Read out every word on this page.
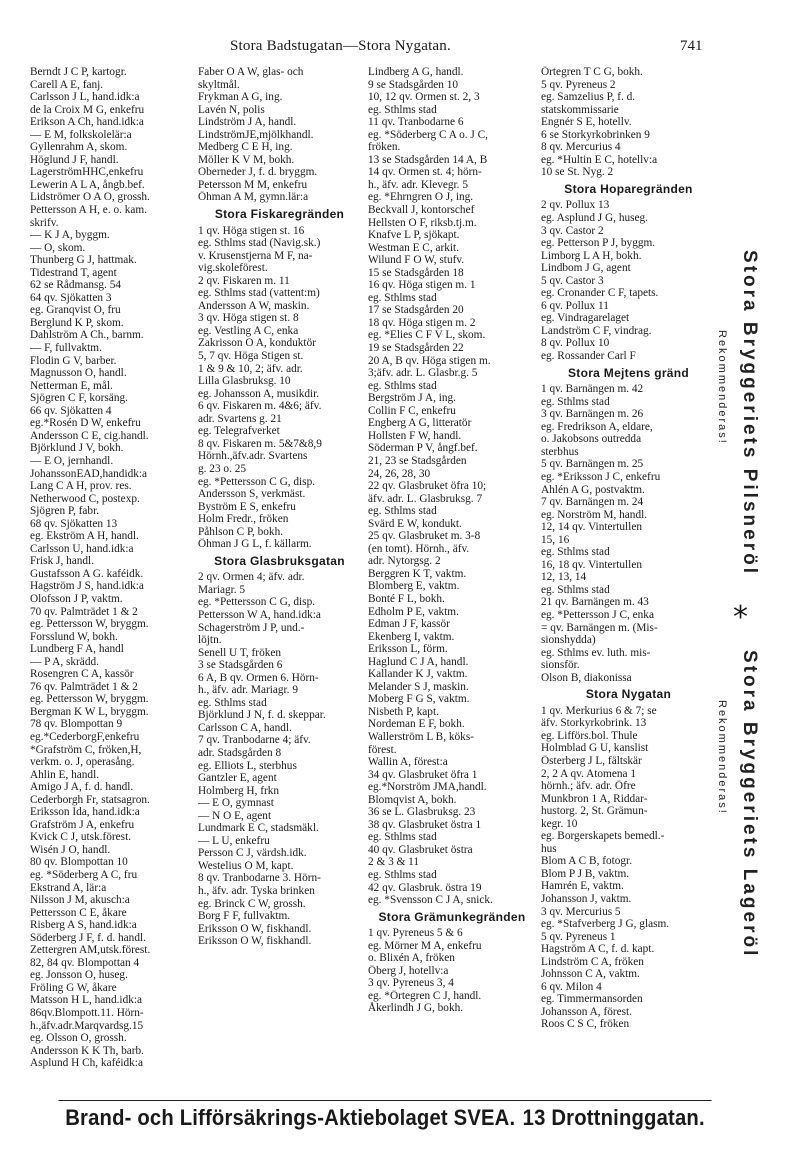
Stora Badstugatan—Stora Nygatan.	741
Berndt J C P, kartogr.
Carell A E, fanj.
Carlsson J L, hand.idk:a
de la Croix M G, enkefru
Erikson A Ch, hand.idk:a
— E M, folkskolelär:a
Gyllenrahm A, skom.
Höglund J F, handl.
LagerströmHHC,enkefru
Lewerin A L A, ångb.bef.
Lidströmer O A O, grossh.
Pettersson A H, e. o. kam.
skrifv.
— K J A, byggm.
— O, skom.
Thunberg G J, hattmak.
Tidestrand T, agent
62 se Rådmansg. 54
64 qv. Sjökatten 3
eg. Granqvist O, fru
Berglund K P, skom.
Dahlström A Ch., barnm.
— F, fullvaktm.
Flodin G V, barber.
Magnusson O, handl.
Netterman E, mål.
Sjögren C F, korsäng.
66 qv. Sjökatten 4
eg.*Rosén D W, enkefru
Andersson C E, cig.handl.
Björklund J V, bokh.
— E O, jernhandl.
JohanssonEAD,handidk:a
Lang C A H, prov. res.
Netherwood C, postexp.
Sjögren P, fabr.
68 qv. Sjökatten 13
eg. Ekström A H, handl.
Carlsson U, hand.idk:a
Frisk J, handl.
Gustafsson A G. kaféidk.
Hagström J S, hand.idk:a
Olofsson J P, vaktm.
70 qv. Palmträdet 1 & 2
eg. Pettersson W, bryggm.
Forsslund W, bokh.
Lundberg F A, handl
— P A, skrädd.
Rosengren C A, kassör
76 qv. Palmträdet 1 & 2
eg. Pettersson W, bryggm.
Bergman K W L, bryggm.
78 qv. Blompottan 9
eg.*CederborgF,enkefru
*Grafström C, fröken,H,
verkm. o. J, operasång.
Ahlin E, handl.
Amigo J A, f. d. handl.
Cederborgh Fr, statsagron.
Eriksson Ida, hand.idk:a
Grafström J A, enkefru
Kvick C J, utsk.förest.
Wisén J O, handl.
80 qv. Blompottan 10
eg. *Söderberg A C, fru
Ekstrand A, lär:a
Nilsson J M, akusch:a
Pettersson C E, åkare
Risberg A S, hand.idk:a
Söderberg J F, f. d. handl.
Zettergren AM,utsk.förest.
82, 84 qv. Blompottan 4
eg. Jonsson O, huseg.
Fröling G W, åkare
Matsson H L, hand.idk:a
86qv.Blompott.11. Hörn-
h.,äfv.adr.Marqvardsg.15
eg. Olsson O, grossh.
Andersson K K Th, barb.
Asplund H Ch, kaféidk:a
Faber O A W, glas- och
skyltmål.
Frykman A G, ing.
Lavén N, polis
Lindström J A, handl.
LindströmJE,mjölkhandl.
Medberg C E H, ing.
Möller K V M, bokh.
Oberneder J, f. d. bryggm.
Petersson M M, enkefru
Öhman A M, gymn.lär:a
Stora Fiskaregränden
1 qv. Höga stigen st. 16
eg. Sthlms stad (Navig.sk.)
v. Krusenstjerna M F, na-
vig.skoleförest.
2 qv. Fiskaren m. 11
eg. Sthlms stad (vattent:m)
Andersson A W, maskin.
3 qv. Höga stigen st. 8
eg. Vestling A C, enka
Zakrisson O A, konduktör
5, 7 qv. Höga Stigen st.
1 & 9 & 10, 2; äfv. adr.
Lilla Glasbruksg. 10
eg. Johansson A, musikdir.
6 qv. Fiskaren m. 4&6; äfv.
adr. Svartens g. 21
eg. Telegrafverket
8 qv. Fiskaren m. 5&7&8,9
Hörnh.,äfv.adr. Svartens
g. 23 o. 25
eg. *Pettersson C G, disp.
Andersson S, verkmäst.
Byström E S, enkefru
Holm Fredr., fröken
Påhlson C P, bokh.
Öhman J G L, f. källarm.
Stora Glasbruksgatan
2 qv. Ormen 4; äfv. adr.
Mariagr. 5
eg. *Pettersson C G, disp.
Pettersson W A, hand.idk:a
Schagerström J P, und.-
löjtn.
Senell U T, fröken
3 se Stadsgården 6
6 A, B qv. Ormen 6. Hörn-
h., äfv. adr. Mariagr. 9
eg. Sthlms stad
Björklund J N, f. d. skeppar.
Carlsson C A, handl.
7 qv. Tranbodarne 4; äfv.
adr. Stadsgården 8
eg. Elliots L, sterbhus
Gantzler E, agent
Holmberg H, frkn
— E O, gymnast
— N O E, agent
Lundmark E C, stadsmäkl.
— L U, enkefru
Persson C J, värdsh.idk.
Westelius O M, kapt.
8 qv. Tranbodarne 3. Hörn-
h., äfv. adr. Tyska brinken
eg. Brinck C W, grossh.
Borg F F, fullvaktm.
Eriksson O W, fiskhandl.
Eriksson O W, fiskhandl.
Lindberg A G, handl.
9 se Stadsgården 10
10, 12 qv. Ormen st. 2, 3
eg. Sthlms stad
11 qv. Tranbodarne 6
eg. *Söderberg C A o. J C,
fröken.
13 se Stadsgården 14 A, B
14 qv. Ormen st. 4; hörn-
h., äfv. adr. Klevegr. 5
eg. *Ehrngren O J, ing.
Beckvall J, kontorschef
Hellsten O F, riksb.tj.m.
Knafve L P, sjökapt.
Westman E C, arkit.
Wilund F O W, stufv.
15 se Stadsgården 18
16 qv. Höga stigen m. 1
eg. Sthlms stad
17 se Stadsgården 20
18 qv. Höga stigen m. 2
eg. *Elies C F V L, skom.
19 se Stadsgården 22
20 A, B qv. Höga stigen m.
3;äfv. adr. L. Glasbr.g. 5
eg. Sthlms stad
Bergström J A, ing.
Collin F C, enkefru
Engberg A G, litteratör
Hollsten F W, handl.
Söderman P V, ångf.bef.
21, 23 se Stadsgården
24, 26, 28, 30
22 qv. Glasbruket öfra 10;
äfv. adr. L. Glasbruksg. 7
eg. Sthlms stad
Svärd E W, kondukt.
25 qv. Glasbruket m. 3-8
(en tomt). Hörnh., äfv.
adr. Nytorgsg. 2
Berggren K T, vaktm.
Blomberg E, vaktm.
Bonté F L, bokh.
Edholm P E, vaktm.
Edman J F, kassör
Ekenberg I, vaktm.
Eriksson L, förm.
Haglund C J A, handl.
Kallander K J, vaktm.
Melander S J, maskin.
Moberg F G S, vaktm.
Nisbeth P, kapt.
Nordeman E F, bokh.
Wallerström L B, köks-
förest.
Wallin A, förest:a
34 qv. Glasbruket öfra 1
eg.*Norström JMA,handl.
Blomqvist A, bokh.
36 se L. Glasbruksg. 23
38 qv. Glasbruket östra 1
eg. Sthlms stad
40 qv. Glasbruket östra
2 & 3 & 11
eg. Sthlms stad
42 qv. Glasbruk. östra 19
eg. *Svensson C J A, snick.
Stora Grämunkegränden
1 qv. Pyreneus 5 & 6
eg. Mörner M A, enkefru
o. Blixén A, fröken
Öberg J, hotellv:a
3 qv. Pyreneus 3, 4
eg. *Örtegren C J, handl.
Åkerlindh J G, bokh.
Örtegren T C G, bokh.
5 qv. Pyreneus 2
eg. Samzelius P, f. d.
statskommissarie
Engnér S E, hotellv.
6 se Storkyrkobrinken 9
8 qv. Mercurius 4
eg. *Hultin E C, hotellv:a
10 se St. Nyg. 2
Stora Hoparegränden
2 qv. Pollux 13
eg. Asplund J G, huseg.
3 qv. Castor 2
eg. Petterson P J, byggm.
Limborg L A H, bokh.
Lindbom J G, agent
5 qv. Castor 3
eg. Cronander C F, tapets.
6 qv. Pollux 11
eg. Vindragarelaget
Landström C F, vindrag.
8 qv. Pollux 10
eg. Rossander Carl F
Stora Mejtens gränd
1 qv. Barnängen m. 42
eg. Sthlms stad
3 qv. Barnängen m. 26
eg. Fredrikson A, eldare,
o. Jakobsons outredda
sterbhus
5 qv. Barnängen m. 25
eg. *Eriksson J C, enkefru
Ahlén A G, postvaktm.
7 qv. Barnängen m. 24
eg. Norström M, handl.
12, 14 qv. Vintertullen
15, 16
eg. Sthlms stad
16, 18 qv. Vintertullen
12, 13, 14
eg. Sthlms stad
21 qv. Barnängen m. 43
eg. *Pettersson J C, enka
= qv. Barnängen m. (Mis-
sionshydda)
eg. Sthlms ev. luth. mis-
sionsför.
Olson B, diakonissa
Stora Nygatan
1 qv. Merkurius 6 & 7; se
äfv. Storkyrkobrink. 13
eg. Lifförs.bol. Thule
Holmblad G U, kanslist
Österberg J L, fältskär
2, 2 A qv. Atomena 1
hörnh.; äfv. adr. Öfre
Munkbron 1 A, Riddar-
hustorg. 2, St. Grämun-
kegr. 10
eg. Borgerskapets bemedl.-
hus
Blom A C B, fotogr.
Blom P J B, vaktm.
Hamrén E, vaktm.
Johansson J, vaktm.
3 qv. Mercurius 5
eg. *Stafverberg J G, glasm.
5 qv. Pyreneus 1
Hagström A C, f. d. kapt.
Lindström C A, fröken
Johnsson C A, vaktm.
6 qv. Milon 4
eg. Timmermansorden
Johansson A, förest.
Roos C S C, fröken
Stora Bryggeriets Pilsneröl
Rekommenderas!
*
Stora Bryggeriets Lageröl
Rekommenderas!
Brand- och Lifförsäkrings-Aktiebolaget SVEA. 13 Drottninggatan.
